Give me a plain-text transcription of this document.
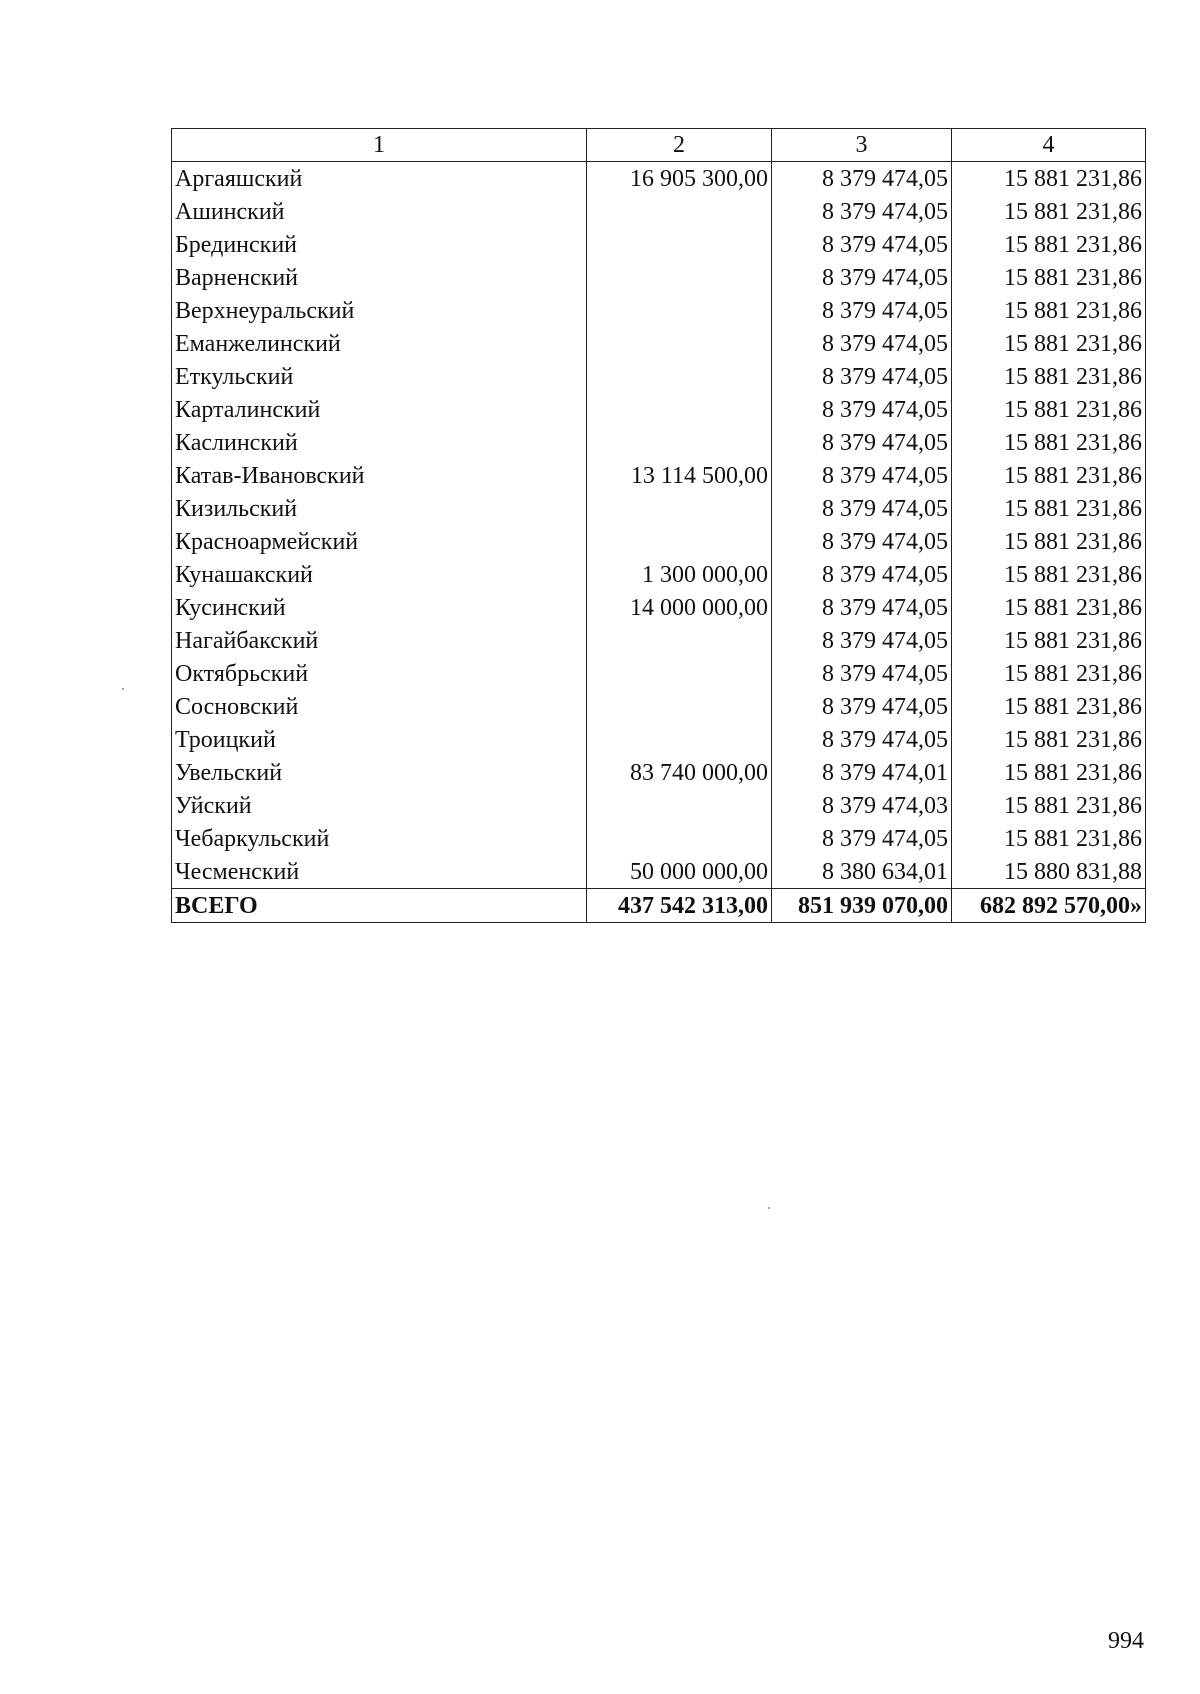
1	2	3	4
Аргаяшский	16 905 300,00	8 379 474,05	15 881 231,86
Ашинский		8 379 474,05	15 881 231,86
Брединский		8 379 474,05	15 881 231,86
Варненский		8 379 474,05	15 881 231,86
Верхнеуральский		8 379 474,05	15 881 231,86
Еманжелинский		8 379 474,05	15 881 231,86
Еткульский		8 379 474,05	15 881 231,86
Карталинский		8 379 474,05	15 881 231,86
Каслинский		8 379 474,05	15 881 231,86
Катав-Ивановский	13 114 500,00	8 379 474,05	15 881 231,86
Кизильский		8 379 474,05	15 881 231,86
Красноармейский		8 379 474,05	15 881 231,86
Кунашакский	1 300 000,00	8 379 474,05	15 881 231,86
Кусинский	14 000 000,00	8 379 474,05	15 881 231,86
Нагайбакский		8 379 474,05	15 881 231,86
Октябрьский		8 379 474,05	15 881 231,86
Сосновский		8 379 474,05	15 881 231,86
Троицкий		8 379 474,05	15 881 231,86
Увельский	83 740 000,00	8 379 474,01	15 881 231,86
Уйский		8 379 474,03	15 881 231,86
Чебаркульский		8 379 474,05	15 881 231,86
Чесменский	50 000 000,00	8 380 634,01	15 880 831,88
ВСЕГО	437 542 313,00	851 939 070,00	682 892 570,00»
994
